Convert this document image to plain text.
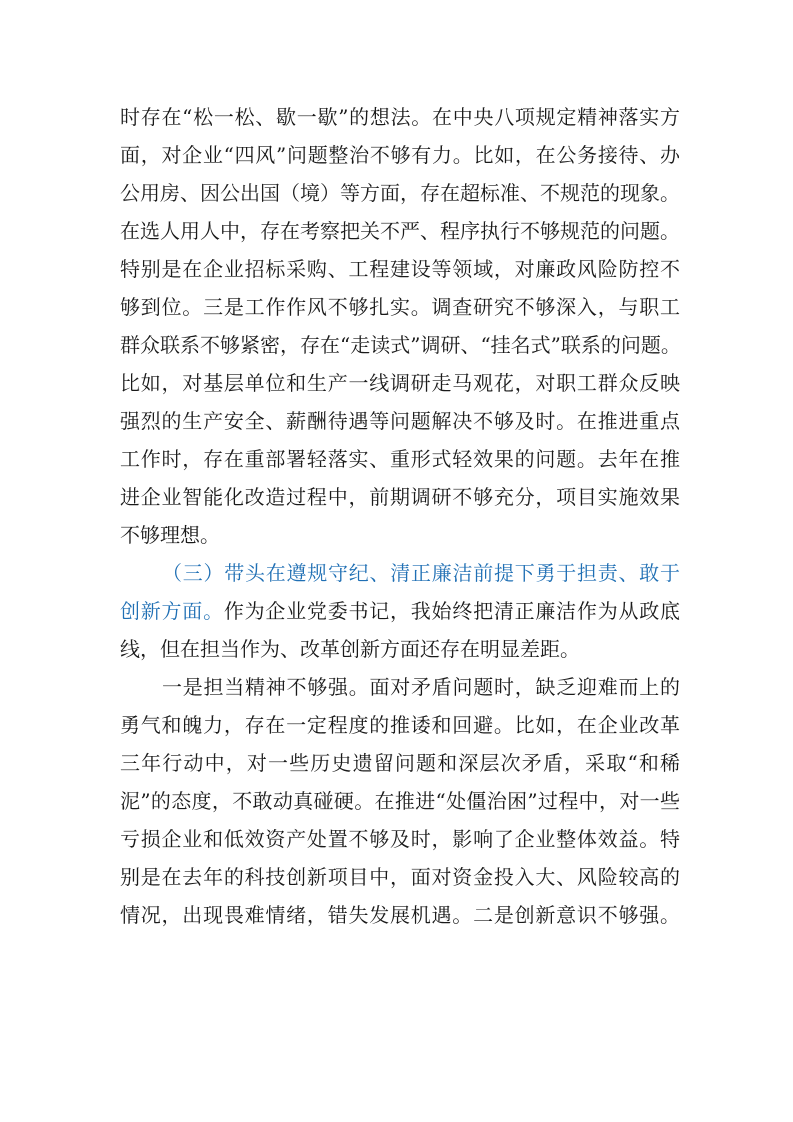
时存在“松一松、歇一歇”的想法。在中央八项规定精神落实方
面，对企业“四风”问题整治不够有力。比如，在公务接待、办
公用房、因公出国（境）等方面，存在超标准、不规范的现象。
在选人用人中，存在考察把关不严、程序执行不够规范的问题。
特别是在企业招标采购、工程建设等领域，对廉政风险防控不
够到位。三是工作作风不够扎实。调查研究不够深入，与职工
群众联系不够紧密，存在“走读式”调研、“挂名式”联系的问题。
比如，对基层单位和生产一线调研走马观花，对职工群众反映
强烈的生产安全、薪酬待遇等问题解决不够及时。在推进重点
工作时，存在重部署轻落实、重形式轻效果的问题。去年在推
进企业智能化改造过程中，前期调研不够充分，项目实施效果
不够理想。
（三）带头在遵规守纪、清正廉洁前提下勇于担责、敢于
创新方面。作为企业党委书记，我始终把清正廉洁作为从政底
线，但在担当作为、改革创新方面还存在明显差距。
一是担当精神不够强。面对矛盾问题时，缺乏迎难而上的
勇气和魄力，存在一定程度的推诿和回避。比如，在企业改革
三年行动中，对一些历史遗留问题和深层次矛盾，采取“和稀
泥”的态度，不敢动真碰硬。在推进“处僵治困”过程中，对一些
亏损企业和低效资产处置不够及时，影响了企业整体效益。特
别是在去年的科技创新项目中，面对资金投入大、风险较高的
情况，出现畏难情绪，错失发展机遇。二是创新意识不够强。
